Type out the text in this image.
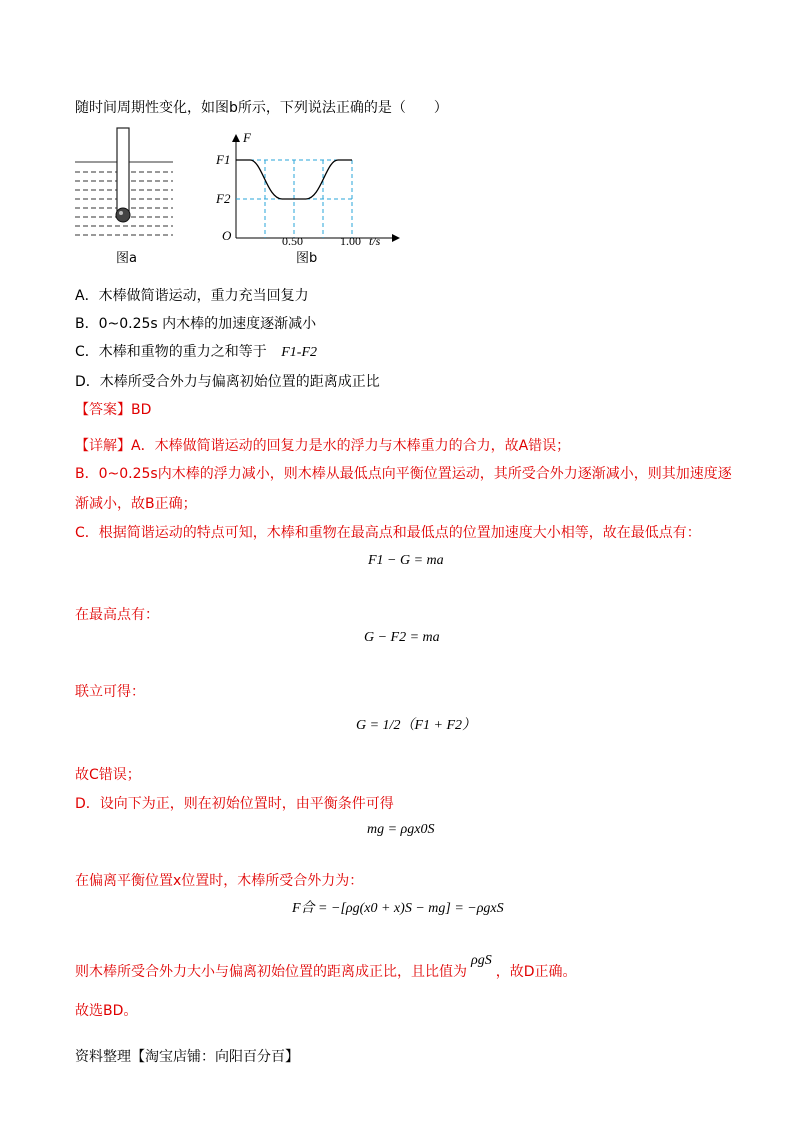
随时间周期性变化，如图b所示，下列说法正确的是（　　）
图a
F
F1
F2
O	0.50	1.00 t/s
图b
A．木棒做简谐运动，重力充当回复力
B．0~0.25s 内木棒的加速度逐渐减小
C．木棒和重物的重力之和等于 F1-F2
D．木棒所受合外力与偏离初始位置的距离成正比
【答案】BD
【详解】A．木棒做简谐运动的回复力是水的浮力与木棒重力的合力，故A错误；
B．0~0.25s内木棒的浮力减小，则木棒从最低点向平衡位置运动，其所受合外力逐渐减小，则其加速度逐
渐减小，故B正确；
C．根据简谐运动的特点可知，木棒和重物在最高点和最低点的位置加速度大小相等，故在最低点有：
F1 − G = ma
在最高点有：
G − F2 = ma
联立可得：
G = 1/2（F1 + F2）
故C错误；
D．设向下为正，则在初始位置时，由平衡条件可得
mg = ρgx0S
在偏离平衡位置x位置时，木棒所受合外力为：
F合 = −[ρg(x0 + x)S − mg] = −ρgxS
则木棒所受合外力大小与偏离初始位置的距离成正比，且比值为ρgS，故D正确。
故选BD。
资料整理【淘宝店铺：向阳百分百】
